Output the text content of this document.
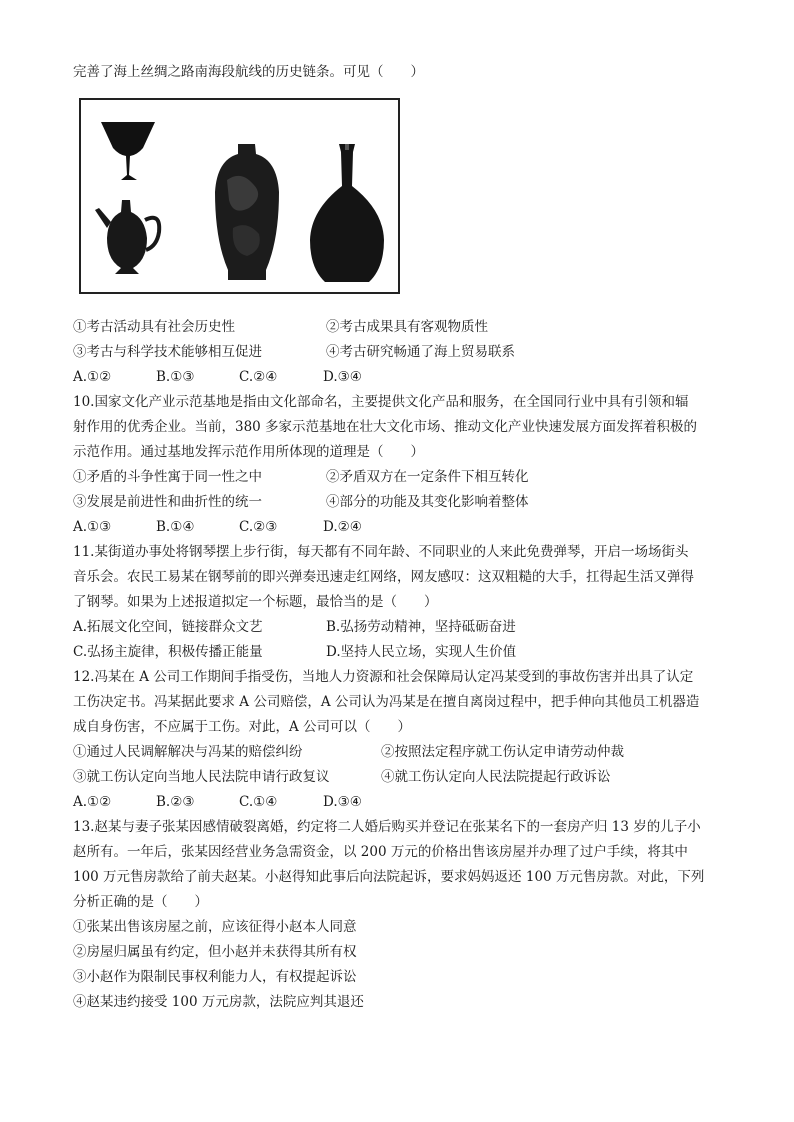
完善了海上丝绸之路南海段航线的历史链条。可见（　　）
①考古活动具有社会历史性	②考古成果具有客观物质性
③考古与科学技术能够相互促进	④考古研究畅通了海上贸易联系
A.①②	B.①③	C.②④	D.③④
10.国家文化产业示范基地是指由文化部命名，主要提供文化产品和服务，在全国同行业中具有引领和辐
射作用的优秀企业。当前，380 多家示范基地在壮大文化市场、推动文化产业快速发展方面发挥着积极的
示范作用。通过基地发挥示范作用所体现的道理是（　　）
①矛盾的斗争性寓于同一性之中	②矛盾双方在一定条件下相互转化
③发展是前进性和曲折性的统一	④部分的功能及其变化影响着整体
A.①③	B.①④	C.②③	D.②④
11.某街道办事处将钢琴摆上步行街，每天都有不同年龄、不同职业的人来此免费弹琴，开启一场场街头
音乐会。农民工易某在钢琴前的即兴弹奏迅速走红网络，网友感叹：这双粗糙的大手，扛得起生活又弹得
了钢琴。如果为上述报道拟定一个标题，最恰当的是（　　）
A.拓展文化空间，链接群众文艺	B.弘扬劳动精神，坚持砥砺奋进
C.弘扬主旋律，积极传播正能量	D.坚持人民立场，实现人生价值
12.冯某在 A 公司工作期间手指受伤，当地人力资源和社会保障局认定冯某受到的事故伤害并出具了认定
工伤决定书。冯某据此要求 A 公司赔偿，A 公司认为冯某是在擅自离岗过程中，把手伸向其他员工机器造
成自身伤害，不应属于工伤。对此，A 公司可以（　　）
①通过人民调解解决与冯某的赔偿纠纷	②按照法定程序就工伤认定申请劳动仲裁
③就工伤认定向当地人民法院申请行政复议	④就工伤认定向人民法院提起行政诉讼
A.①②	B.②③	C.①④	D.③④
13.赵某与妻子张某因感情破裂离婚，约定将二人婚后购买并登记在张某名下的一套房产归 13 岁的儿子小
赵所有。一年后，张某因经营业务急需资金，以 200 万元的价格出售该房屋并办理了过户手续，将其中
100 万元售房款给了前夫赵某。小赵得知此事后向法院起诉，要求妈妈返还 100 万元售房款。对此，下列
分析正确的是（　　）
①张某出售该房屋之前，应该征得小赵本人同意
②房屋归属虽有约定，但小赵并未获得其所有权
③小赵作为限制民事权利能力人，有权提起诉讼
④赵某违约接受 100 万元房款，法院应判其退还
